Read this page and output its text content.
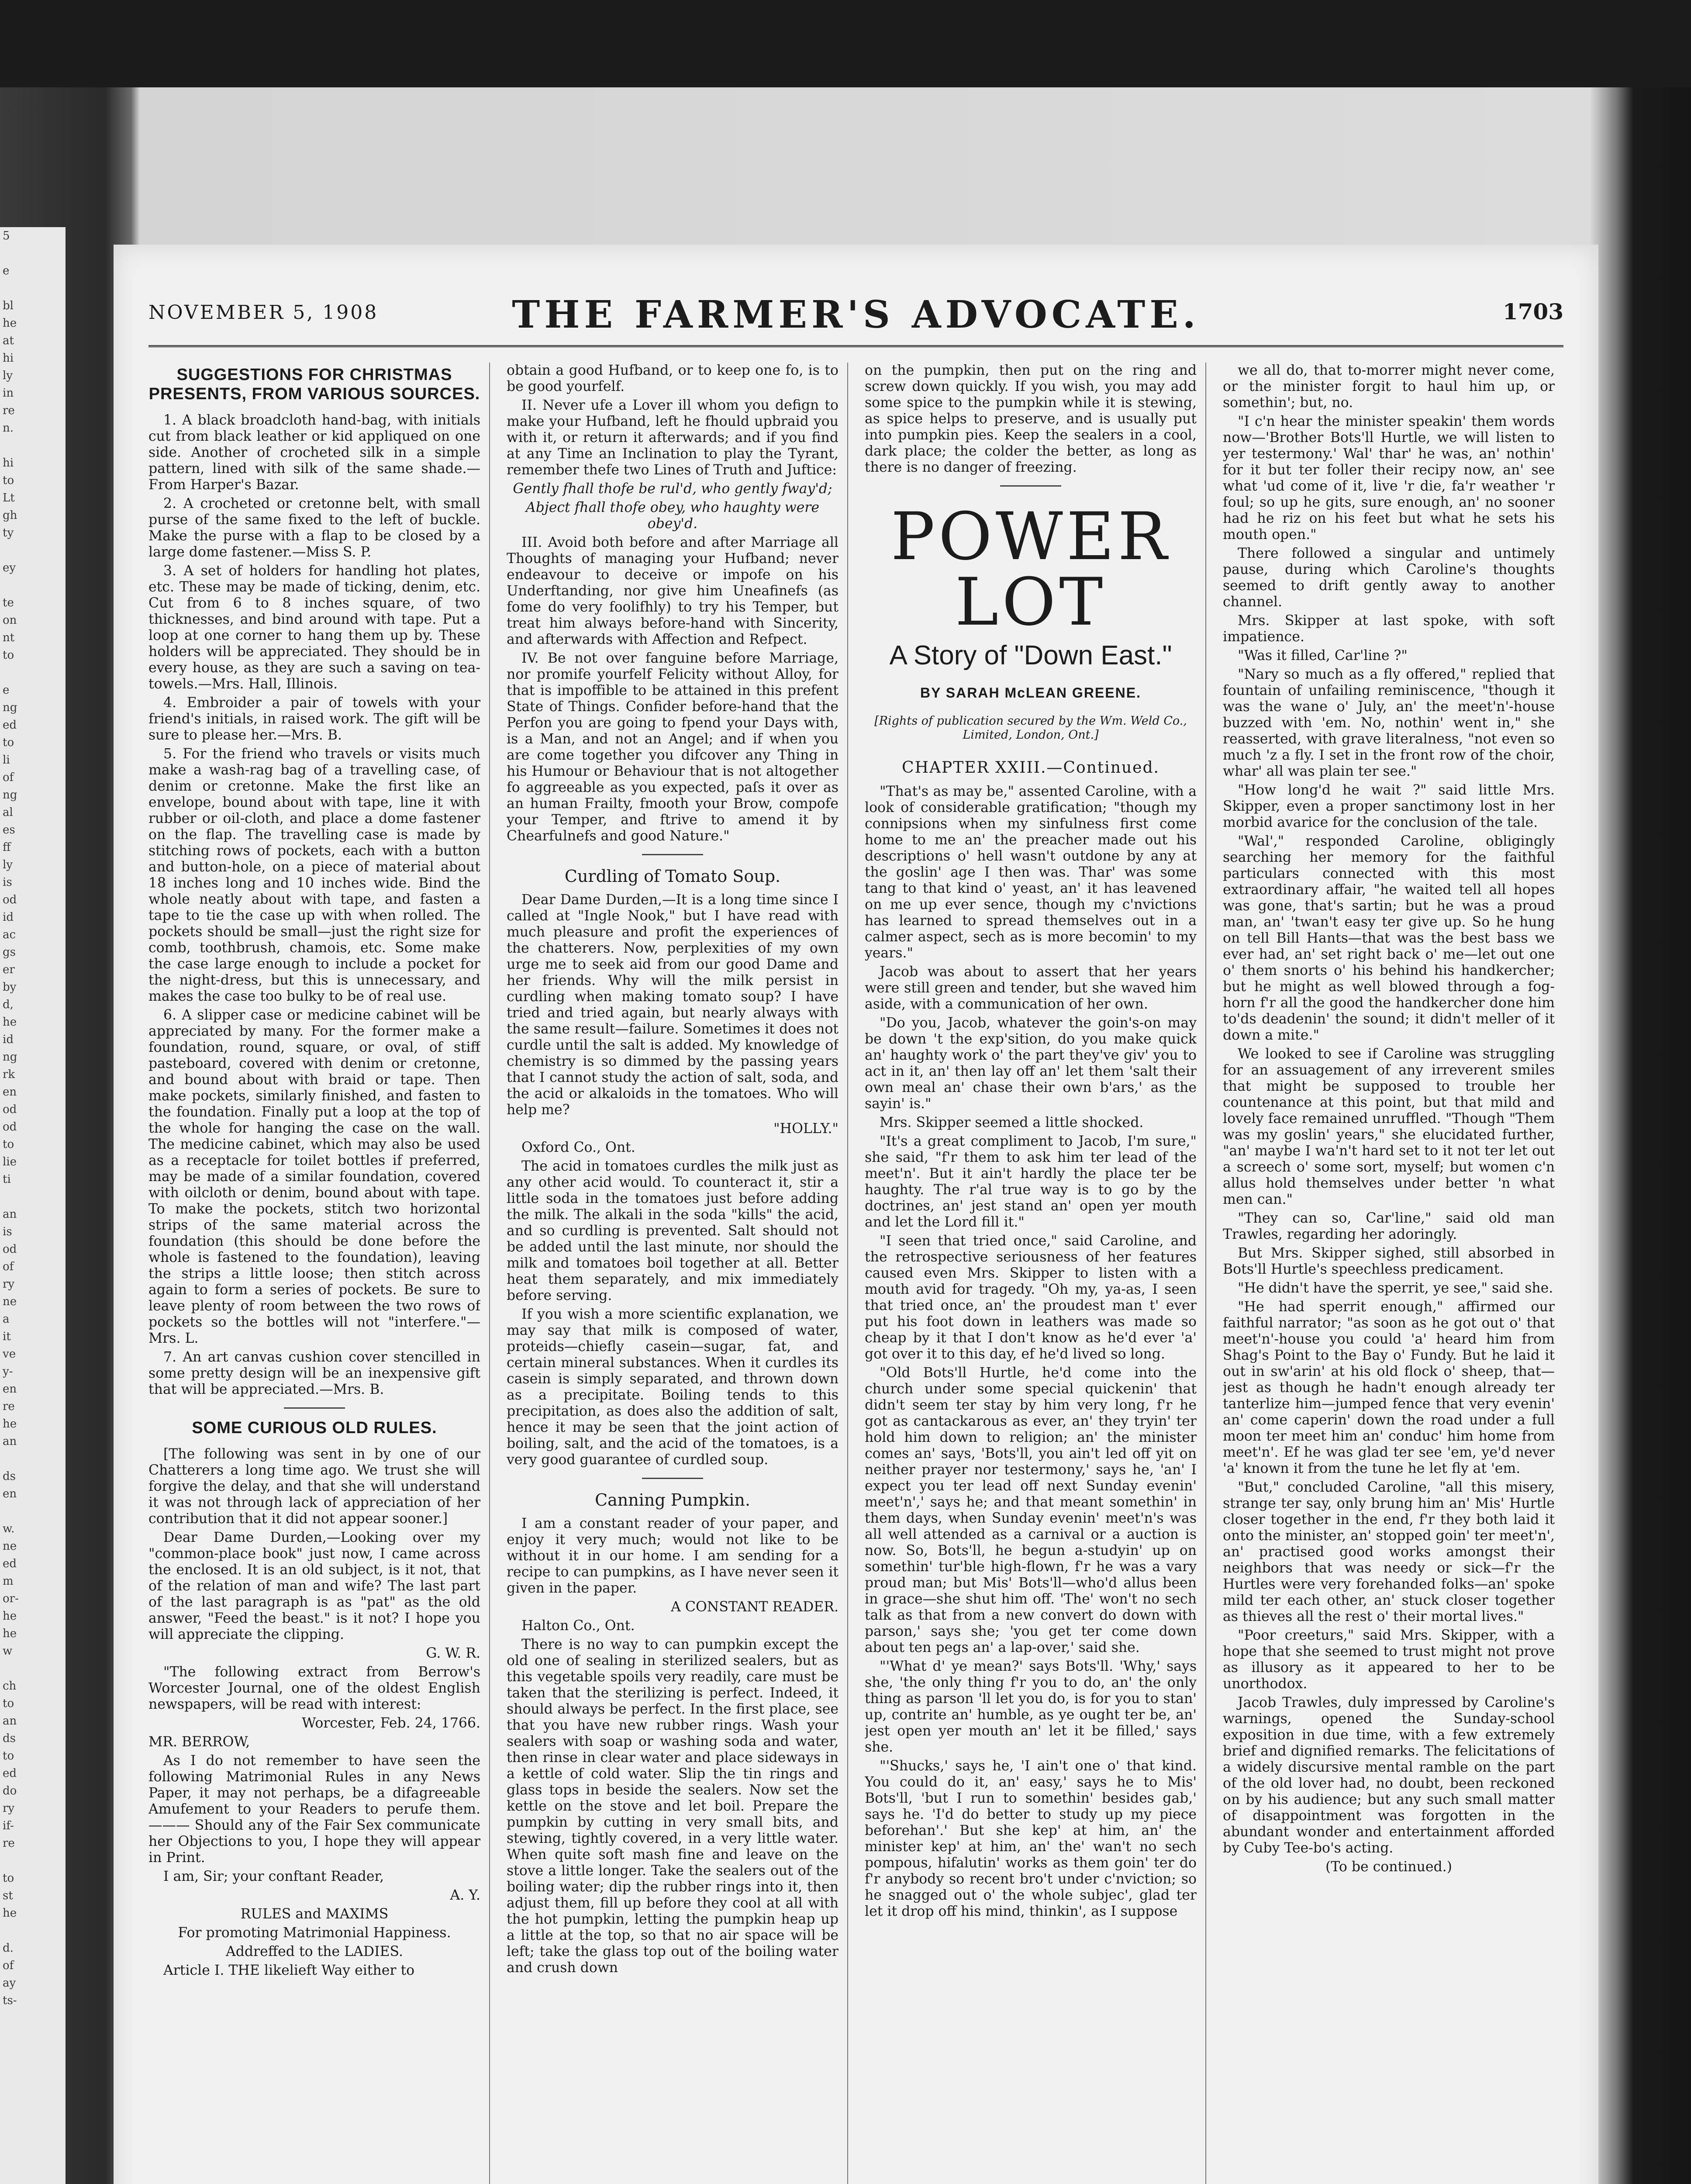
5

e

bl
he
at
hi
ly
in
re
n.

hi
to
Lt
gh
ty

ey

te
on
nt
to

e
ng
ed
to
li
of
ng
al
es
ff
ly
is
od
id
ac
gs
er
by
d,
he
id
ng
rk
en
od
od
to
lie
ti

an
is
od
of
ry
ne
a
it
ve
y-
en
re
he
an

ds
en

w.
ne
ed
m
or-
he
he
w

ch
to
an
ds
to
ed
do
ry
if-
re

to
st
he

d.
of
ay
ts-
NOVEMBER 5, 1908	THE FARMER'S ADVOCATE.	1703
SUGGESTIONS FOR CHRISTMAS PRESENTS, FROM VARIOUS SOURCES.

1. A black broadcloth hand-bag, with initials cut from black leather or kid appliqued on one side. Another of crocheted silk in a simple pattern, lined with silk of the same shade.—From Harper's Bazar.

2. A crocheted or cretonne belt, with small purse of the same fixed to the left of buckle. Make the purse with a flap to be closed by a large dome fastener.—Miss S. P.

3. A set of holders for handling hot plates, etc. These may be made of ticking, denim, etc. Cut from 6 to 8 inches square, of two thicknesses, and bind around with tape. Put a loop at one corner to hang them up by. These holders will be appreciated. They should be in every house, as they are such a saving on tea-towels.—Mrs. Hall, Illinois.

4. Embroider a pair of towels with your friend's initials, in raised work. The gift will be sure to please her.—Mrs. B.

5. For the friend who travels or visits much make a wash-rag bag of a travelling case, of denim or cretonne. Make the first like an envelope, bound about with tape, line it with rubber or oil-cloth, and place a dome fastener on the flap. The travelling case is made by stitching rows of pockets, each with a button and button-hole, on a piece of material about 18 inches long and 10 inches wide. Bind the whole neatly about with tape, and fasten a tape to tie the case up with when rolled. The pockets should be small—just the right size for comb, toothbrush, chamois, etc. Some make the case large enough to include a pocket for the night-dress, but this is unnecessary, and makes the case too bulky to be of real use.

6. A slipper case or medicine cabinet will be appreciated by many. For the former make a foundation, round, square, or oval, of stiff pasteboard, covered with denim or cretonne, and bound about with braid or tape. Then make pockets, similarly finished, and fasten to the foundation. Finally put a loop at the top of the whole for hanging the case on the wall. The medicine cabinet, which may also be used as a receptacle for toilet bottles if preferred, may be made of a similar foundation, covered with oilcloth or denim, bound about with tape. To make the pockets, stitch two horizontal strips of the same material across the foundation (this should be done before the whole is fastened to the foundation), leaving the strips a little loose; then stitch across again to form a series of pockets. Be sure to leave plenty of room between the two rows of pockets so the bottles will not "interfere."—Mrs. L.

7. An art canvas cushion cover stencilled in some pretty design will be an inexpensive gift that will be appreciated.—Mrs. B.

SOME CURIOUS OLD RULES.

[The following was sent in by one of our Chatterers a long time ago. We trust she will forgive the delay, and that she will understand it was not through lack of appreciation of her contribution that it did not appear sooner.]

Dear Dame Durden,—Looking over my "common-place book" just now, I came across the enclosed. It is an old subject, is it not, that of the relation of man and wife? The last part of the last paragraph is as "pat" as the old answer, "Feed the beast." is it not? I hope you will appreciate the clipping.

G. W. R.

"The following extract from Berrow's Worcester Journal, one of the oldest English newspapers, will be read with interest:

Worcester, Feb. 24, 1766.

MR. BERROW,

As I do not remember to have seen the following Matrimonial Rules in any News Paper, it may not perhaps, be a difagreeable Amufement to your Readers to perufe them. ——— Should any of the Fair Sex communicate her Objections to you, I hope they will appear in Print.

I am, Sir; your conftant Reader,

A. Y.

RULES and MAXIMS

For promoting Matrimonial Happiness.

Addreffed to the LADIES.

Article I. THE likelieft Way either to

obtain a good Hufband, or to keep one fo, is to be good yourfelf.

II. Never ufe a Lover ill whom you defign to make your Hufband, left he fhould upbraid you with it, or return it afterwards; and if you find at any Time an Inclination to play the Tyrant, remember thefe two Lines of Truth and Juftice:

Gently fhall thofe be rul'd, who gently fway'd;

Abject fhall thofe obey, who haughty were obey'd.

III. Avoid both before and after Marriage all Thoughts of managing your Hufband; never endeavour to deceive or impofe on his Underftanding, nor give him Uneafinefs (as fome do very foolifhly) to try his Temper, but treat him always before-hand with Sincerity, and afterwards with Affection and Refpect.

IV. Be not over fanguine before Marriage, nor promife yourfelf Felicity without Alloy, for that is impoffible to be attained in this prefent State of Things. Confider before-hand that the Perfon you are going to fpend your Days with, is a Man, and not an Angel; and if when you are come together you difcover any Thing in his Humour or Behaviour that is not altogether fo aggreeable as you expected, paſs it over as an human Frailty, fmooth your Brow, compofe your Temper, and ftrive to amend it by Chearfulnefs and good Nature."

Curdling of Tomato Soup.

Dear Dame Durden,—It is a long time since I called at "Ingle Nook," but I have read with much pleasure and profit the experiences of the chatterers. Now, perplexities of my own urge me to seek aid from our good Dame and her friends. Why will the milk persist in curdling when making tomato soup? I have tried and tried again, but nearly always with the same result—failure. Sometimes it does not curdle until the salt is added. My knowledge of chemistry is so dimmed by the passing years that I cannot study the action of salt, soda, and the acid or alkaloids in the tomatoes. Who will help me?

"HOLLY."

Oxford Co., Ont.

The acid in tomatoes curdles the milk just as any other acid would. To counteract it, stir a little soda in the tomatoes just before adding the milk. The alkali in the soda "kills" the acid, and so curdling is prevented. Salt should not be added until the last minute, nor should the milk and tomatoes boil together at all. Better heat them separately, and mix immediately before serving.

If you wish a more scientific explanation, we may say that milk is composed of water, proteids—chiefly casein—sugar, fat, and certain mineral substances. When it curdles its casein is simply separated, and thrown down as a precipitate. Boiling tends to this precipitation, as does also the addition of salt, hence it may be seen that the joint action of boiling, salt, and the acid of the tomatoes, is a very good guarantee of curdled soup.

Canning Pumpkin.

I am a constant reader of your paper, and enjoy it very much; would not like to be without it in our home. I am sending for a recipe to can pumpkins, as I have never seen it given in the paper.

A CONSTANT READER.

Halton Co., Ont.

There is no way to can pumpkin except the old one of sealing in sterilized sealers, but as this vegetable spoils very readily, care must be taken that the sterilizing is perfect. Indeed, it should always be perfect. In the first place, see that you have new rubber rings. Wash your sealers with soap or washing soda and water, then rinse in clear water and place sideways in a kettle of cold water. Slip the tin rings and glass tops in beside the sealers. Now set the kettle on the stove and let boil. Prepare the pumpkin by cutting in very small bits, and stewing, tightly covered, in a very little water. When quite soft mash fine and leave on the stove a little longer. Take the sealers out of the boiling water; dip the rubber rings into it, then adjust them, fill up before they cool at all with the hot pumpkin, letting the pumpkin heap up a little at the top, so that no air space will be left; take the glass top out of the boiling water and crush down

on the pumpkin, then put on the ring and screw down quickly. If you wish, you may add some spice to the pumpkin while it is stewing, as spice helps to preserve, and is usually put into pumpkin pies. Keep the sealers in a cool, dark place; the colder the better, as long as there is no danger of freezing.

POWER LOT
A Story of "Down East."
BY SARAH McLEAN GREENE.
[Rights of publication secured by the Wm. Weld Co., Limited, London, Ont.]
CHAPTER XXIII.—Continued.

"That's as may be," assented Caroline, with a look of considerable gratification; "though my connipsions when my sinfulness first come home to me an' the preacher made out his descriptions o' hell wasn't outdone by any at the goslin' age I then was. Thar' was some tang to that kind o' yeast, an' it has leavened on me up ever sence, though my c'nvictions has learned to spread themselves out in a calmer aspect, sech as is more becomin' to my years."

Jacob was about to assert that her years were still green and tender, but she waved him aside, with a communication of her own.

"Do you, Jacob, whatever the goin's-on may be down 't the exp'sition, do you make quick an' haughty work o' the part they've giv' you to act in it, an' then lay off an' let them 'salt their own meal an' chase their own b'ars,' as the sayin' is."

Mrs. Skipper seemed a little shocked.

"It's a great compliment to Jacob, I'm sure," she said, "f'r them to ask him ter lead of the meet'n'. But it ain't hardly the place ter be haughty. The r'al true way is to go by the doctrines, an' jest stand an' open yer mouth and let the Lord fill it."

"I seen that tried once," said Caroline, and the retrospective seriousness of her features caused even Mrs. Skipper to listen with a mouth avid for tragedy. "Oh my, ya-as, I seen that tried once, an' the proudest man t' ever put his foot down in leathers was made so cheap by it that I don't know as he'd ever 'a' got over it to this day, ef he'd lived so long.

"Old Bots'll Hurtle, he'd come into the church under some special quickenin' that didn't seem ter stay by him very long, f'r he got as cantackarous as ever, an' they tryin' ter hold him down to religion; an' the minister comes an' says, 'Bots'll, you ain't led off yit on neither prayer nor testermony,' says he, 'an' I expect you ter lead off next Sunday evenin' meet'n',' says he; and that meant somethin' in them days, when Sunday evenin' meet'n's was all well attended as a carnival or a auction is now. So, Bots'll, he begun a-studyin' up on somethin' tur'ble high-flown, f'r he was a vary proud man; but Mis' Bots'll—who'd allus been in grace—she shut him off. 'The' won't no sech talk as that from a new convert do down with parson,' says she; 'you get ter come down about ten pegs an' a lap-over,' said she.

"'What d' ye mean?' says Bots'll. 'Why,' says she, 'the only thing f'r you to do, an' the only thing as parson 'll let you do, is for you to stan' up, contrite an' humble, as ye ought ter be, an' jest open yer mouth an' let it be filled,' says she.

"'Shucks,' says he, 'I ain't one o' that kind. You could do it, an' easy,' says he to Mis' Bots'll, 'but I run to somethin' besides gab,' says he. 'I'd do better to study up my piece beforehan'.' But she kep' at him, an' the minister kep' at him, an' the' wan't no sech pompous, hifalutin' works as them goin' ter do f'r anybody so recent bro't under c'nviction; so he snagged out o' the whole subjec', glad ter let it drop off his mind, thinkin', as I suppose

we all do, that to-morrer might never come, or the minister forgit to haul him up, or somethin'; but, no.

"I c'n hear the minister speakin' them words now—'Brother Bots'll Hurtle, we will listen to yer testermony.' Wal' thar' he was, an' nothin' for it but ter foller their recipy now, an' see what 'ud come of it, live 'r die, fa'r weather 'r foul; so up he gits, sure enough, an' no sooner had he riz on his feet but what he sets his mouth open."

There followed a singular and untimely pause, during which Caroline's thoughts seemed to drift gently away to another channel.

Mrs. Skipper at last spoke, with soft impatience.

"Was it filled, Car'line ?"

"Nary so much as a fly offered," replied that fountain of unfailing reminiscence, "though it was the wane o' July, an' the meet'n'-house buzzed with 'em. No, nothin' went in," she reasserted, with grave literalness, "not even so much 'z a fly. I set in the front row of the choir, whar' all was plain ter see."

"How long'd he wait ?" said little Mrs. Skipper, even a proper sanctimony lost in her morbid avarice for the conclusion of the tale.

"Wal'," responded Caroline, obligingly searching her memory for the faithful particulars connected with this most extraordinary affair, "he waited tell all hopes was gone, that's sartin; but he was a proud man, an' 'twan't easy ter give up. So he hung on tell Bill Hants—that was the best bass we ever had, an' set right back o' me—let out one o' them snorts o' his behind his handkercher; but he might as well blowed through a fog-horn f'r all the good the handkercher done him to'ds deadenin' the sound; it didn't meller of it down a mite."

We looked to see if Caroline was struggling for an assuagement of any irreverent smiles that might be supposed to trouble her countenance at this point, but that mild and lovely face remained unruffled. "Though "Them was my goslin' years," she elucidated further, "an' maybe I wa'n't hard set to it not ter let out a screech o' some sort, myself; but women c'n allus hold themselves under better 'n what men can."

"They can so, Car'line," said old man Trawles, regarding her adoringly.

But Mrs. Skipper sighed, still absorbed in Bots'll Hurtle's speechless predicament.

"He didn't have the sperrit, ye see," said she.

"He had sperrit enough," affirmed our faithful narrator; "as soon as he got out o' that meet'n'-house you could 'a' heard him from Shag's Point to the Bay o' Fundy. But he laid it out in sw'arin' at his old flock o' sheep, that—jest as though he hadn't enough already ter tanterlize him—jumped fence that very evenin' an' come caperin' down the road under a full moon ter meet him an' conduc' him home from meet'n'. Ef he was glad ter see 'em, ye'd never 'a' known it from the tune he let fly at 'em.

"But," concluded Caroline, "all this misery, strange ter say, only brung him an' Mis' Hurtle closer together in the end, f'r they both laid it onto the minister, an' stopped goin' ter meet'n', an' practised good works amongst their neighbors that was needy or sick—f'r the Hurtles were very forehanded folks—an' spoke mild ter each other, an' stuck closer together as thieves all the rest o' their mortal lives."

"Poor creeturs," said Mrs. Skipper, with a hope that she seemed to trust might not prove as illusory as it appeared to her to be unorthodox.

Jacob Trawles, duly impressed by Caroline's warnings, opened the Sunday-school exposition in due time, with a few extremely brief and dignified remarks. The felicitations of a widely discursive mental ramble on the part of the old lover had, no doubt, been reckoned on by his audience; but any such small matter of disappointment was forgotten in the abundant wonder and entertainment afforded by Cuby Tee-bo's acting.

(To be continued.)
